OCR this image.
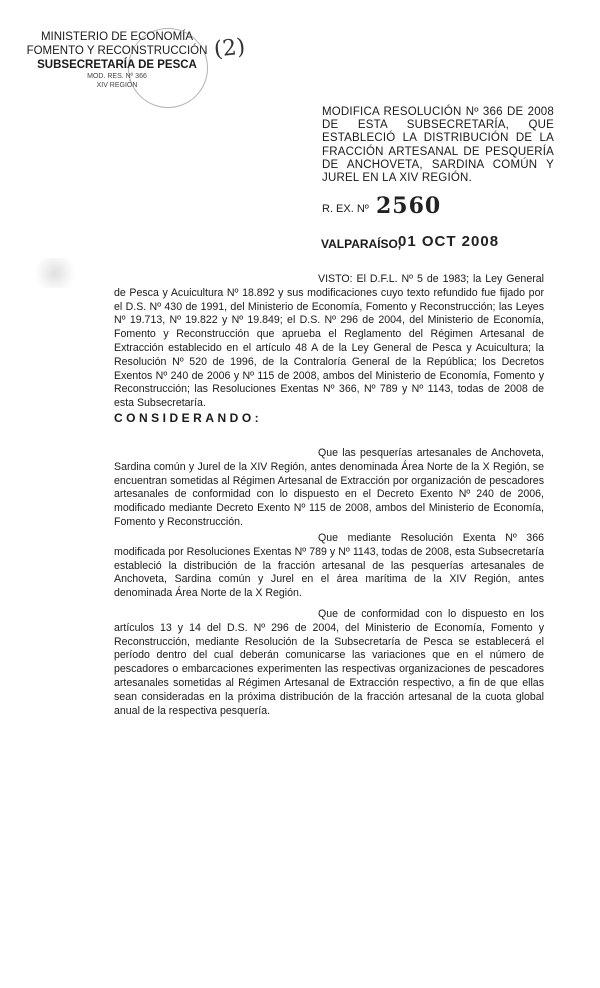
MINISTERIO DE ECONOMÍA
FOMENTO Y RECONSTRUCCIÓN
SUBSECRETARÍA DE PESCA
MOD. RES. Nº 366
XIV REGIÓN
(2)
MODIFICA RESOLUCIÓN Nº 366 DE 2008 DE ESTA SUBSECRETARÍA, QUE ESTABLECIÓ LA DISTRIBUCIÓN DE LA FRACCIÓN ARTESANAL DE PESQUERÍA DE ANCHOVETA, SARDINA COMÚN Y JUREL EN LA XIV REGIÓN.
R. EX. Nº 2560
VALPARAÍSO,
01 OCT 2008
VISTO: El D.F.L. Nº 5 de 1983; la Ley General de Pesca y Acuicultura Nº 18.892 y sus modificaciones cuyo texto refundido fue fijado por el D.S. Nº 430 de 1991, del Ministerio de Economía, Fomento y Reconstrucción; las Leyes Nº 19.713, Nº 19.822 y Nº 19.849; el D.S. Nº 296 de 2004, del Ministerio de Economía, Fomento y Reconstrucción que aprueba el Reglamento del Régimen Artesanal de Extracción establecido en el artículo 48 A de la Ley General de Pesca y Acuicultura; la Resolución Nº 520 de 1996, de la Contraloría General de la República; los Decretos Exentos Nº 240 de 2006 y Nº 115 de 2008, ambos del Ministerio de Economía, Fomento y Reconstrucción; las Resoluciones Exentas Nº 366, Nº 789 y Nº 1143, todas de 2008 de esta Subsecretaría.
CONSIDERANDO:
Que las pesquerías artesanales de Anchoveta, Sardina común y Jurel de la XIV Región, antes denominada Área Norte de la X Región, se encuentran sometidas al Régimen Artesanal de Extracción por organización de pescadores artesanales de conformidad con lo dispuesto en el Decreto Exento Nº 240 de 2006, modificado mediante Decreto Exento Nº 115 de 2008, ambos del Ministerio de Economía, Fomento y Reconstrucción.
Que mediante Resolución Exenta Nº 366 modificada por Resoluciones Exentas Nº 789 y Nº 1143, todas de 2008, esta Subsecretaría estableció la distribución de la fracción artesanal de las pesquerías artesanales de Anchoveta, Sardina común y Jurel en el área marítima de la XIV Región, antes denominada Área Norte de la X Región.
Que de conformidad con lo dispuesto en los artículos 13 y 14 del D.S. Nº 296 de 2004, del Ministerio de Economía, Fomento y Reconstrucción, mediante Resolución de la Subsecretaría de Pesca se establecerá el período dentro del cual deberán comunicarse las variaciones que en el número de pescadores o embarcaciones experimenten las respectivas organizaciones de pescadores artesanales sometidas al Régimen Artesanal de Extracción respectivo, a fin de que ellas sean consideradas en la próxima distribución de la fracción artesanal de la cuota global anual de la respectiva pesquería.
